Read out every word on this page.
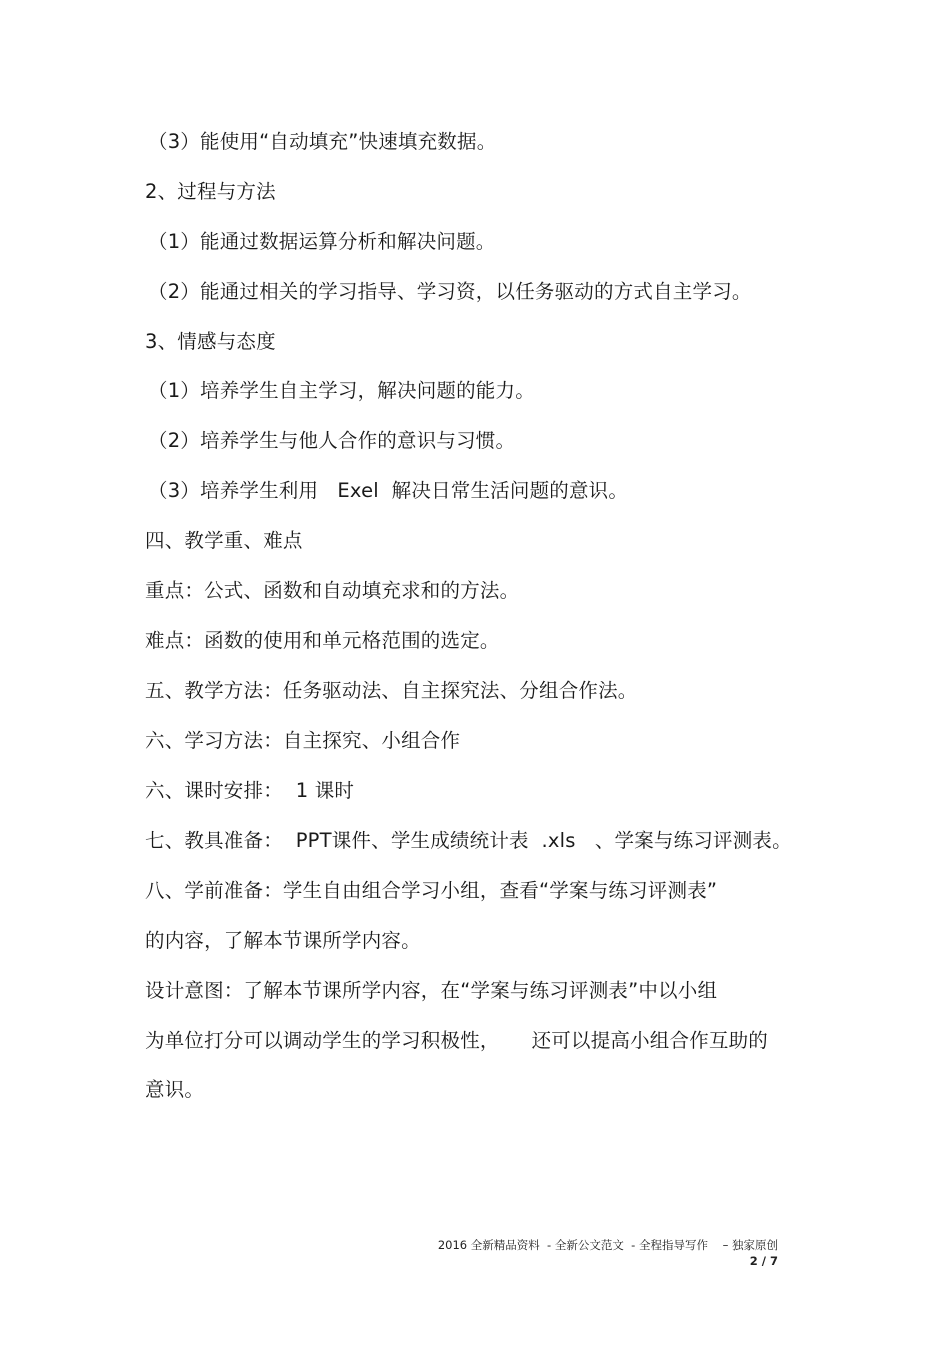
（3）能使用“自动填充”快速填充数据。
2、过程与方法
（1）能通过数据运算分析和解决问题。
（2）能通过相关的学习指导、学习资，以任务驱动的方式自主学习。
3、情感与态度
（1）培养学生自主学习，解决问题的能力。
（2）培养学生与他人合作的意识与习惯。
（3）培养学生利用   Exel  解决日常生活问题的意识。
四、教学重、难点
重点：公式、函数和自动填充求和的方法。
难点：函数的使用和单元格范围的选定。
五、教学方法：任务驱动法、自主探究法、分组合作法。
六、学习方法：自主探究、小组合作
六、课时安排：  1 课时
七、教具准备：  PPT课件、学生成绩统计表  .xls   、学案与练习评测表。
八、学前准备：学生自由组合学习小组，查看“学案与练习评测表”
的内容，了解本节课所学内容。
设计意图：了解本节课所学内容，在“学案与练习评测表”中以小组
为单位打分可以调动学生的学习积极性，     还可以提高小组合作互助的
意识。
2016 全新精品资料  - 全新公文范文  - 全程指导写作    – 独家原创
2 / 7
